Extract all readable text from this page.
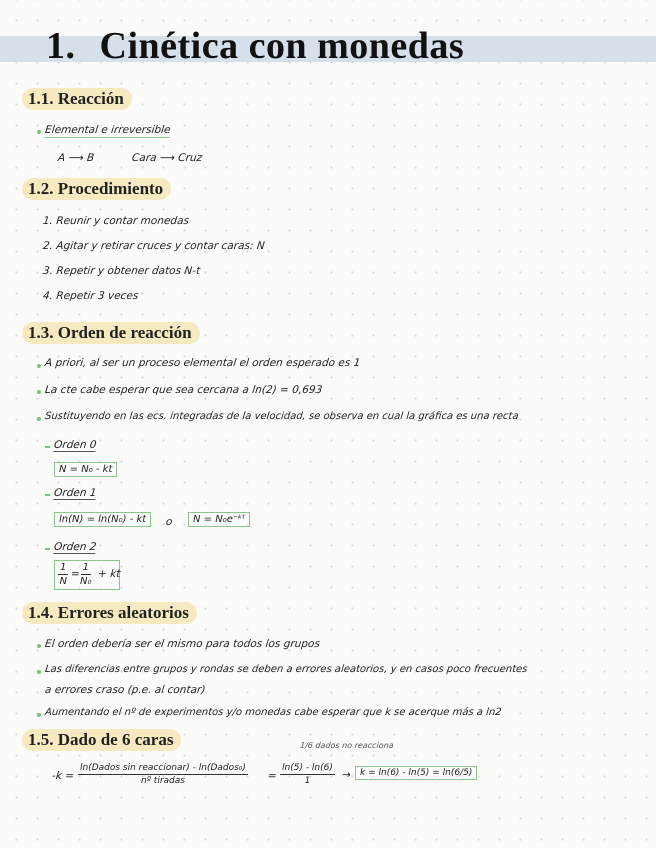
1. Cinética con monedas
1.1. Reacción
Elemental e irreversible
A ⟶ B	Cara ⟶ Cruz
1.2. Procedimiento
1. Reunir y contar monedas
2. Agitar y retirar cruces y contar caras: N
3. Repetir y obtener datos N-t
4. Repetir 3 veces
1.3. Orden de reacción
A priori, al ser un proceso elemental el orden esperado es 1
La cte cabe esperar que sea cercana a ln(2) = 0,693
Sustituyendo en las ecs. integradas de la velocidad, se observa en cual la gráfica es una recta
Orden 0
N = N₀ - kt
Orden 1
ln(N) = ln(N₀) - kt	o	N = N₀e⁻ᵏᵗ
Orden 2
$\frac{1}{N} = \frac{1}{\text{N₀}}$ + kt
1.4. Errores aleatorios
El orden debería ser el mismo para todos los grupos
Las diferencias entre grupos y rondas se deben a errores aleatorios, y en casos poco frecuentes
a errores craso (p.e. al contar)
Aumentando el nº de experimentos y/o monedas cabe esperar que k se acerque más a ln2
1.5. Dado de 6 caras	1/6 dados no reacciona
-k =
ln(Dados sin reaccionar) - ln(Dados₀)
nº tiradas	= $\frac{\ln(5) - \ln(6)}{1} \to k = \ln(6) - \ln(5) = \ln(6/5)$
